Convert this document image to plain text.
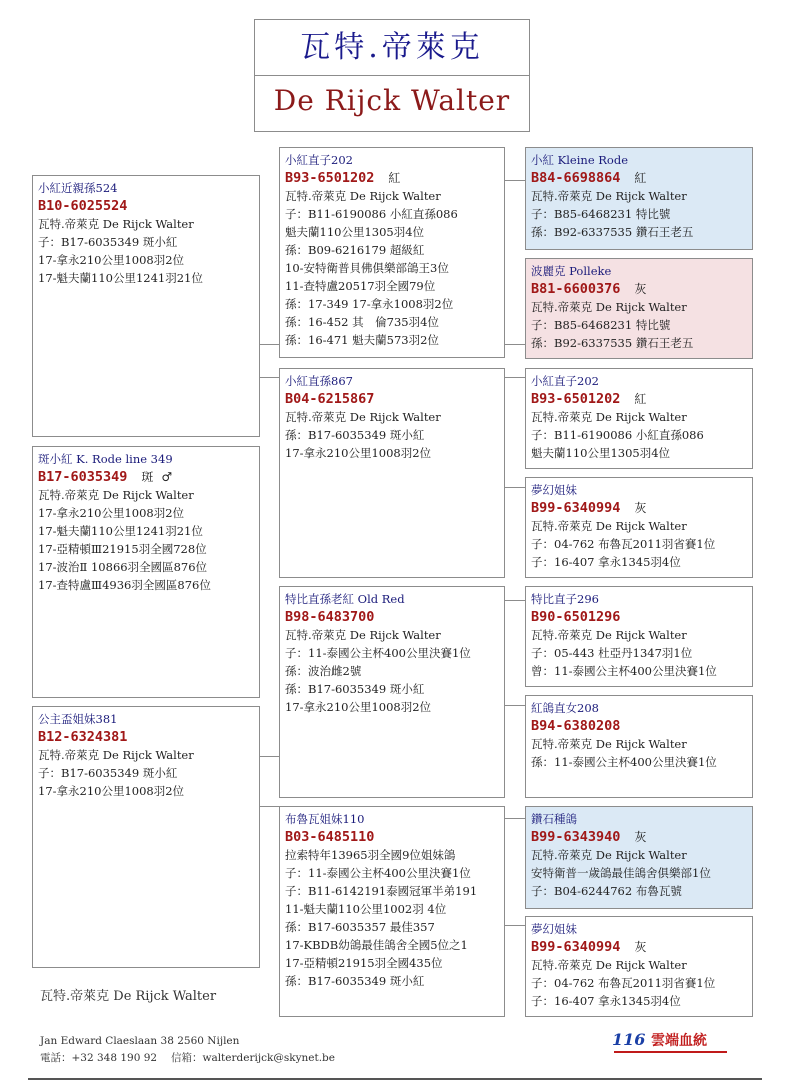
瓦特.帝萊克
De Rijck Walter
小紅近親孫524
B10-6025524
瓦特.帝萊克 De Rijck Walter
子：B17-6035349 斑小紅
17-拿永210公里1008羽2位
17-魁夫蘭110公里1241羽21位
斑小紅 K. Rode line 349
B17-6035349 斑 ♂
瓦特.帝萊克 De Rijck Walter
17-拿永210公里1008羽2位
17-魁夫蘭110公里1241羽21位
17-亞精頓Ⅲ21915羽全國728位
17-波治Ⅱ 10866羽全國區876位
17-查特盧Ⅲ4936羽全國區876位
公主盃姐妹381
B12-6324381
瓦特.帝萊克 De Rijck Walter
子：B17-6035349 斑小紅
17-拿永210公里1008羽2位
小紅直子202
B93-6501202 紅
瓦特.帝萊克 De Rijck Walter
子：B11-6190086 小紅直孫086
魁夫蘭110公里1305羽4位
孫：B09-6216179 超級紅
10-安特衛普貝佛俱樂部鴿王3位
11-查特盧20517羽全國79位
孫：17-349 17-拿永1008羽2位
孫：16-452 其　倫735羽4位
孫：16-471 魁夫蘭573羽2位
小紅直孫867
B04-6215867
瓦特.帝萊克 De Rijck Walter
孫：B17-6035349 斑小紅
17-拿永210公里1008羽2位
特比直孫老紅 Old Red
B98-6483700
瓦特.帝萊克 De Rijck Walter
子：11-泰國公主杯400公里決賽1位
孫：波治雌2號
孫：B17-6035349 斑小紅
17-拿永210公里1008羽2位
布魯瓦姐妹110
B03-6485110
拉索特年13965羽全國9位姐妹鴿
子：11-泰國公主杯400公里決賽1位
子：B11-6142191泰國冠軍半弟191
11-魁夫蘭110公里1002羽 4位
孫：B17-6035357 最佳357
17-KBDB幼鴿最佳鴿舍全國5位之1
17-亞精頓21915羽全國435位
孫：B17-6035349 斑小紅
小紅 Kleine Rode
B84-6698864 紅
瓦特.帝萊克 De Rijck Walter
子：B85-6468231 特比號
孫：B92-6337535 鑽石王老五
波麗克 Polleke
B81-6600376 灰
瓦特.帝萊克 De Rijck Walter
子：B85-6468231 特比號
孫：B92-6337535 鑽石王老五
小紅直子202
B93-6501202 紅
瓦特.帝萊克 De Rijck Walter
子：B11-6190086 小紅直孫086
魁夫蘭110公里1305羽4位
夢幻姐妹
B99-6340994 灰
瓦特.帝萊克 De Rijck Walter
子：04-762 布魯瓦2011羽省賽1位
子：16-407 拿永1345羽4位
特比直子296
B90-6501296
瓦特.帝萊克 De Rijck Walter
子：05-443 杜亞丹1347羽1位
曾：11-泰國公主杯400公里決賽1位
紅鴿直女208
B94-6380208
瓦特.帝萊克 De Rijck Walter
孫：11-泰國公主杯400公里決賽1位
鑽石種鴿
B99-6343940 灰
瓦特.帝萊克 De Rijck Walter
安特衛普一歲鴿最佳鴿舍俱樂部1位
子：B04-6244762 布魯瓦號
夢幻姐妹
B99-6340994 灰
瓦特.帝萊克 De Rijck Walter
子：04-762 布魯瓦2011羽省賽1位
子：16-407 拿永1345羽4位
瓦特.帝萊克 De Rijck Walter
Jan Edward Claeslaan 38 2560 Nijlen
電話：+32 348 190 92　 信箱：walterderijck@skynet.be
116 雲端血統
